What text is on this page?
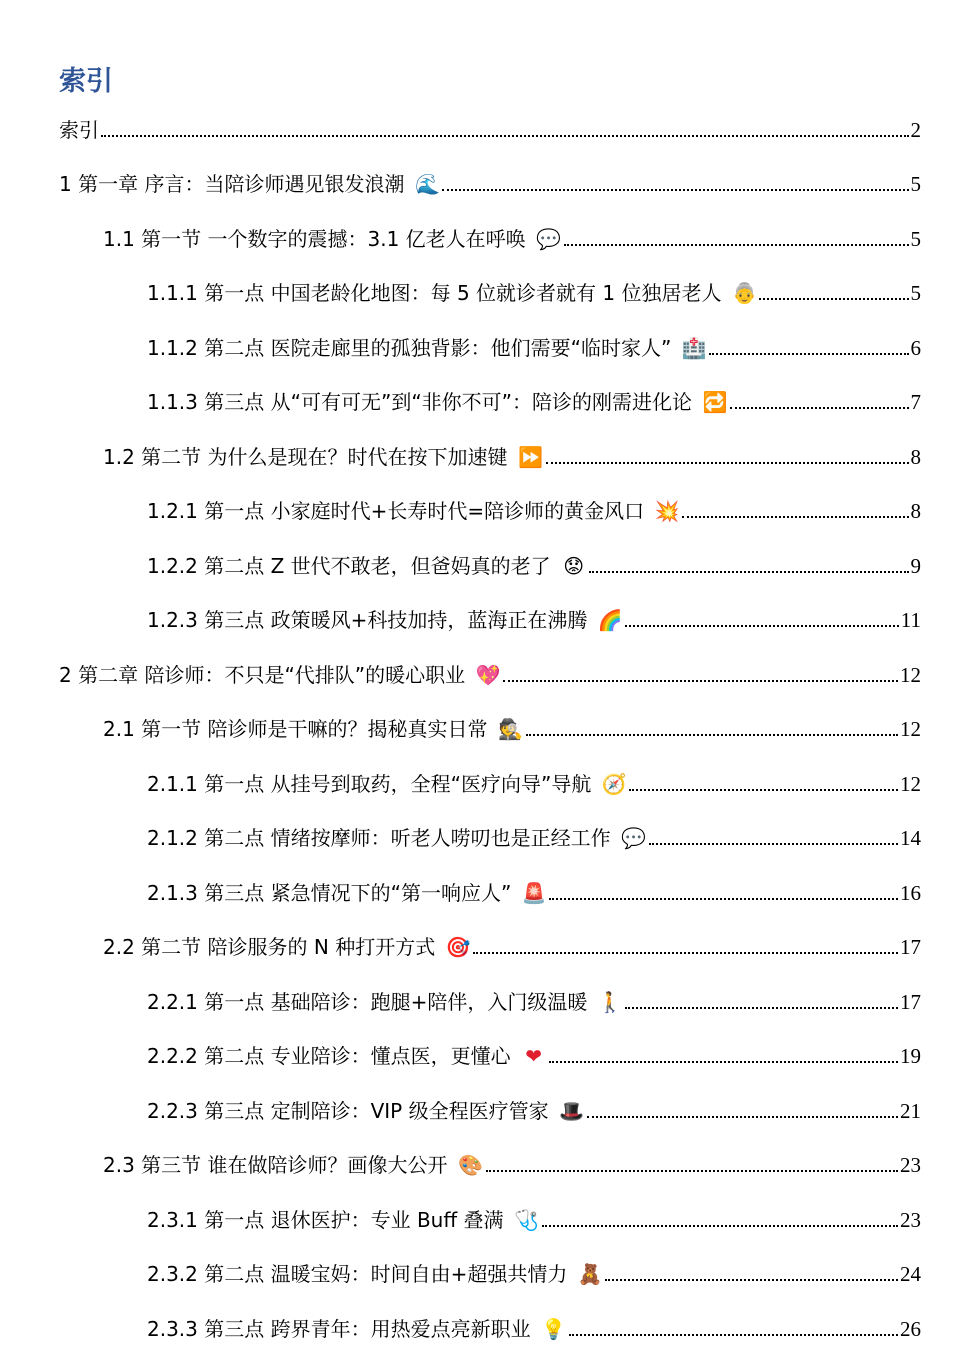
索引
索引	2
1 第一章 序言：当陪诊师遇见银发浪潮 🌊	5
1.1 第一节 一个数字的震撼：3.1 亿老人在呼唤 💬	5
1.1.1 第一点 中国老龄化地图：每 5 位就诊者就有 1 位独居老人 👵	5
1.1.2 第二点 医院走廊里的孤独背影：他们需要“临时家人” 🏥	6
1.1.3 第三点 从“可有可无”到“非你不可”：陪诊的刚需进化论 🔁	7
1.2 第二节 为什么是现在？时代在按下加速键 ⏩	8
1.2.1 第一点 小家庭时代+长寿时代=陪诊师的黄金风口 💥	8
1.2.2 第二点 Z 世代不敢老，但爸妈真的老了 😟	9
1.2.3 第三点 政策暖风+科技加持，蓝海正在沸腾 🌈	11
2 第二章 陪诊师：不只是“代排队”的暖心职业 💖	12
2.1 第一节 陪诊师是干嘛的？揭秘真实日常 🕵	12
2.1.1 第一点 从挂号到取药，全程“医疗向导”导航 🧭	12
2.1.2 第二点 情绪按摩师：听老人唠叨也是正经工作 💬	14
2.1.3 第三点 紧急情况下的“第一响应人” 🚨	16
2.2 第二节 陪诊服务的 N 种打开方式 🎯	17
2.2.1 第一点 基础陪诊：跑腿+陪伴，入门级温暖 🚶	17
2.2.2 第二点 专业陪诊：懂点医，更懂心 ❤	19
2.2.3 第三点 定制陪诊：VIP 级全程医疗管家 🎩	21
2.3 第三节 谁在做陪诊师？画像大公开 🎨	23
2.3.1 第一点 退休医护：专业 Buff 叠满 🩺	23
2.3.2 第二点 温暖宝妈：时间自由+超强共情力 🧸	24
2.3.3 第三点 跨界青年：用热爱点亮新职业 💡	26
